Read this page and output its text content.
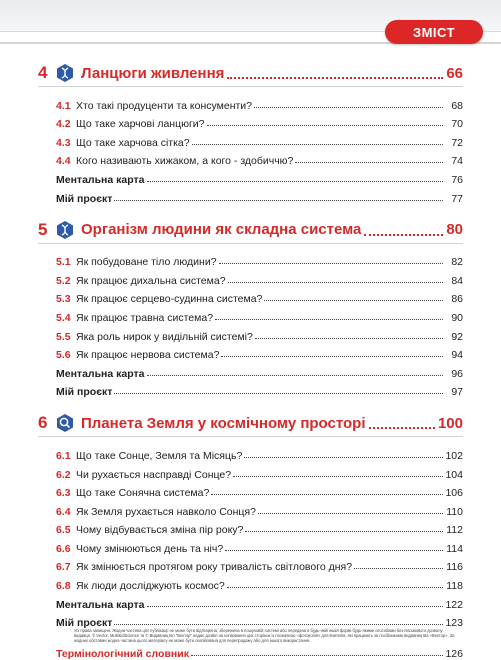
ЗМІСТ
4	Ланцюги живлення	66
4.1 Хто такі продуценти та консументи?	68
4.2 Що таке харчові ланцюги?	70
4.3 Що таке харчова сітка?	72
4.4 Кого називають хижаком, а кого - здобиччю?	74
Ментальна карта	76
Мій проєкт	77
5	Організм людини як складна система	80
5.1 Як побудоване тіло людини?	82
5.2 Як працює дихальна система?	84
5.3 Як працює серцево-судинна система?	86
5.4 Як працює травна система?	90
5.5 Яка роль нирок у видільній системі?	92
5.6 Як працює нервова система?	94
Ментальна карта	96
Мій проєкт	97
6	Планета Земля у космічному просторі	100
6.1 Що таке Сонце, Земля та Місяць?	102
6.2 Чи рухається насправді Сонце?	104
6.3 Що таке Сонячна система?	106
6.4 Як Земля рухається навколо Сонця?	110
6.5 Чому відбувається зміна пір року?	112
6.6 Чому змінюються день та ніч?	114
6.7 Як змінюється протягом року тривалість світлового дня?	116
6.8 Як люди досліджують космос?	118
Ментальна карта	122
Мій проєкт	123
Термінологічний словник	126
Усі права захищені. Жодна частина цієї публікації не може бути відтворена, збережена в пошуковій системі або передана в будь-якій іншій формі будь-якими способами без письмового дозволу видавця. © Vector. MultiKidScience та © Видавництво "Вектор" надає дозвіл на копіювання цих сторінок із позначкою «фотокопія» для вчителів, які працюють за посібниками видавництва «Вектор». За жодних обставин жодна частина цього матеріалу не може бути скопійована для перепродажу або для іншого використання.
